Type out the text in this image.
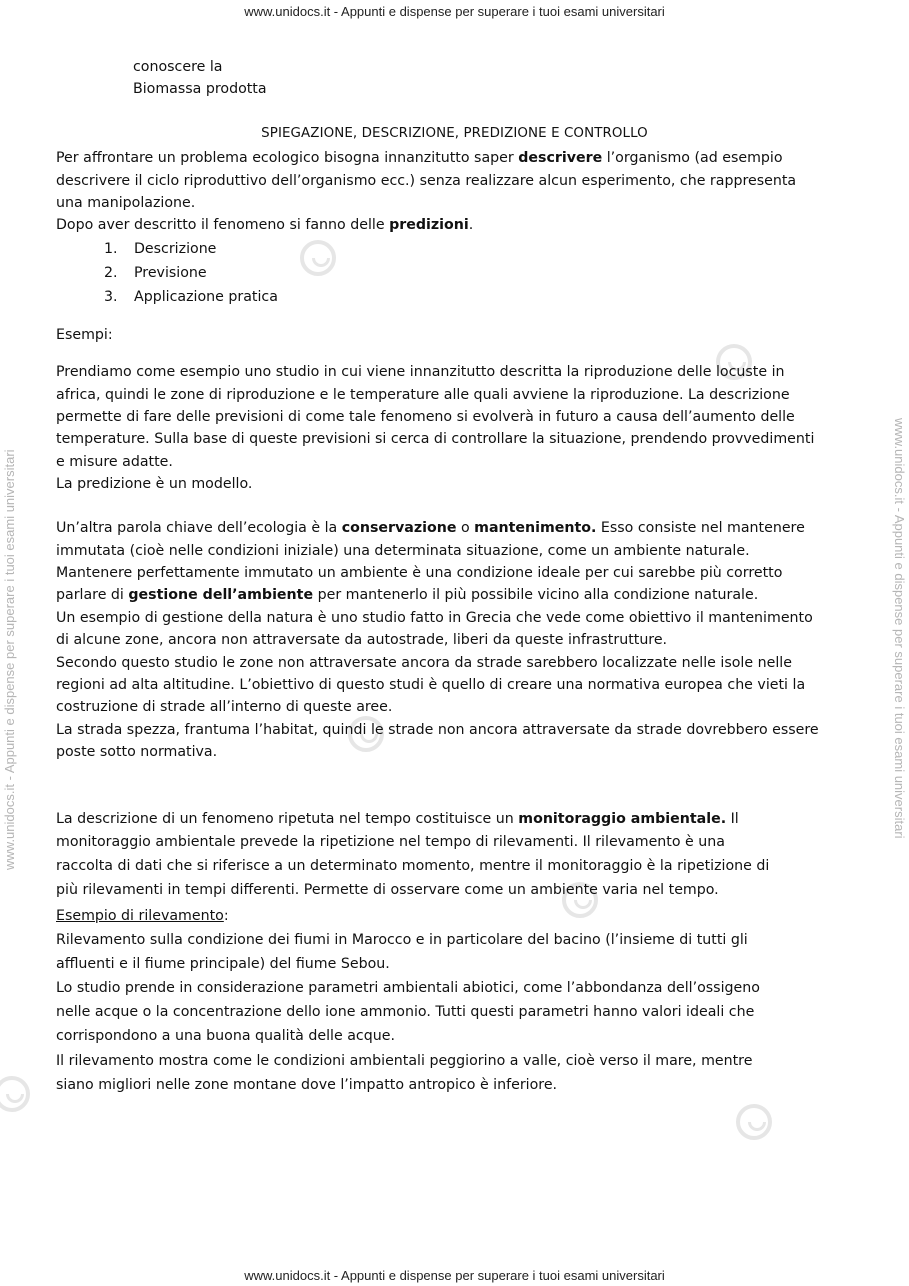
www.unidocs.it - Appunti e dispense per superare i tuoi esami universitari
www.unidocs.it - Appunti e dispense per superare i tuoi esami universitari
www.unidocs.it - Appunti e dispense per superare i tuoi esami universitari	www.unidocs.it - Appunti e dispense per superare i tuoi esami universitari
conoscere la
Biomassa prodotta
SPIEGAZIONE, DESCRIZIONE, PREDIZIONE E CONTROLLO
Per affrontare un problema ecologico bisogna innanzitutto saper descrivere l’organismo (ad esempio
descrivere il ciclo riproduttivo dell’organismo ecc.) senza realizzare alcun esperimento, che rappresenta
una manipolazione.
Dopo aver descritto il fenomeno si fanno delle predizioni.
1. Descrizione
2. Previsione
3. Applicazione pratica
Esempi:
Prendiamo come esempio uno studio in cui viene innanzitutto descritta la riproduzione delle locuste in
africa, quindi le zone di riproduzione e le temperature alle quali avviene la riproduzione. La descrizione
permette di fare delle previsioni di come tale fenomeno si evolverà in futuro a causa dell’aumento delle
temperature. Sulla base di queste previsioni si cerca di controllare la situazione, prendendo provvedimenti
e misure adatte.
La predizione è un modello.
Un’altra parola chiave dell’ecologia è la conservazione o mantenimento. Esso consiste nel mantenere
immutata (cioè nelle condizioni iniziale) una determinata situazione, come un ambiente naturale.
Mantenere perfettamente immutato un ambiente è una condizione ideale per cui sarebbe più corretto
parlare di gestione dell’ambiente per mantenerlo il più possibile vicino alla condizione naturale.
Un esempio di gestione della natura è uno studio fatto in Grecia che vede come obiettivo il mantenimento
di alcune zone, ancora non attraversate da autostrade, liberi da queste infrastrutture.
Secondo questo studio le zone non attraversate ancora da strade sarebbero localizzate nelle isole nelle
regioni ad alta altitudine. L’obiettivo di questo studi è quello di creare una normativa europea che vieti la
costruzione di strade all’interno di queste aree.
La strada spezza, frantuma l’habitat, quindi le strade non ancora attraversate da strade dovrebbero essere
poste sotto normativa.
La descrizione di un fenomeno ripetuta nel tempo costituisce un monitoraggio ambientale. Il
monitoraggio ambientale prevede la ripetizione nel tempo di rilevamenti. Il rilevamento è una
raccolta di dati che si riferisce a un determinato momento, mentre il monitoraggio è la ripetizione di
più rilevamenti in tempi differenti. Permette di osservare come un ambiente varia nel tempo.
Esempio di rilevamento:
Rilevamento sulla condizione dei fiumi in Marocco e in particolare del bacino (l’insieme di tutti gli
affluenti e il fiume principale) del fiume Sebou.
Lo studio prende in considerazione parametri ambientali abiotici, come l’abbondanza dell’ossigeno
nelle acque o la concentrazione dello ione ammonio. Tutti questi parametri hanno valori ideali che
corrispondono a una buona qualità delle acque.
Il rilevamento mostra come le condizioni ambientali peggiorino a valle, cioè verso il mare, mentre
siano migliori nelle zone montane dove l’impatto antropico è inferiore.
